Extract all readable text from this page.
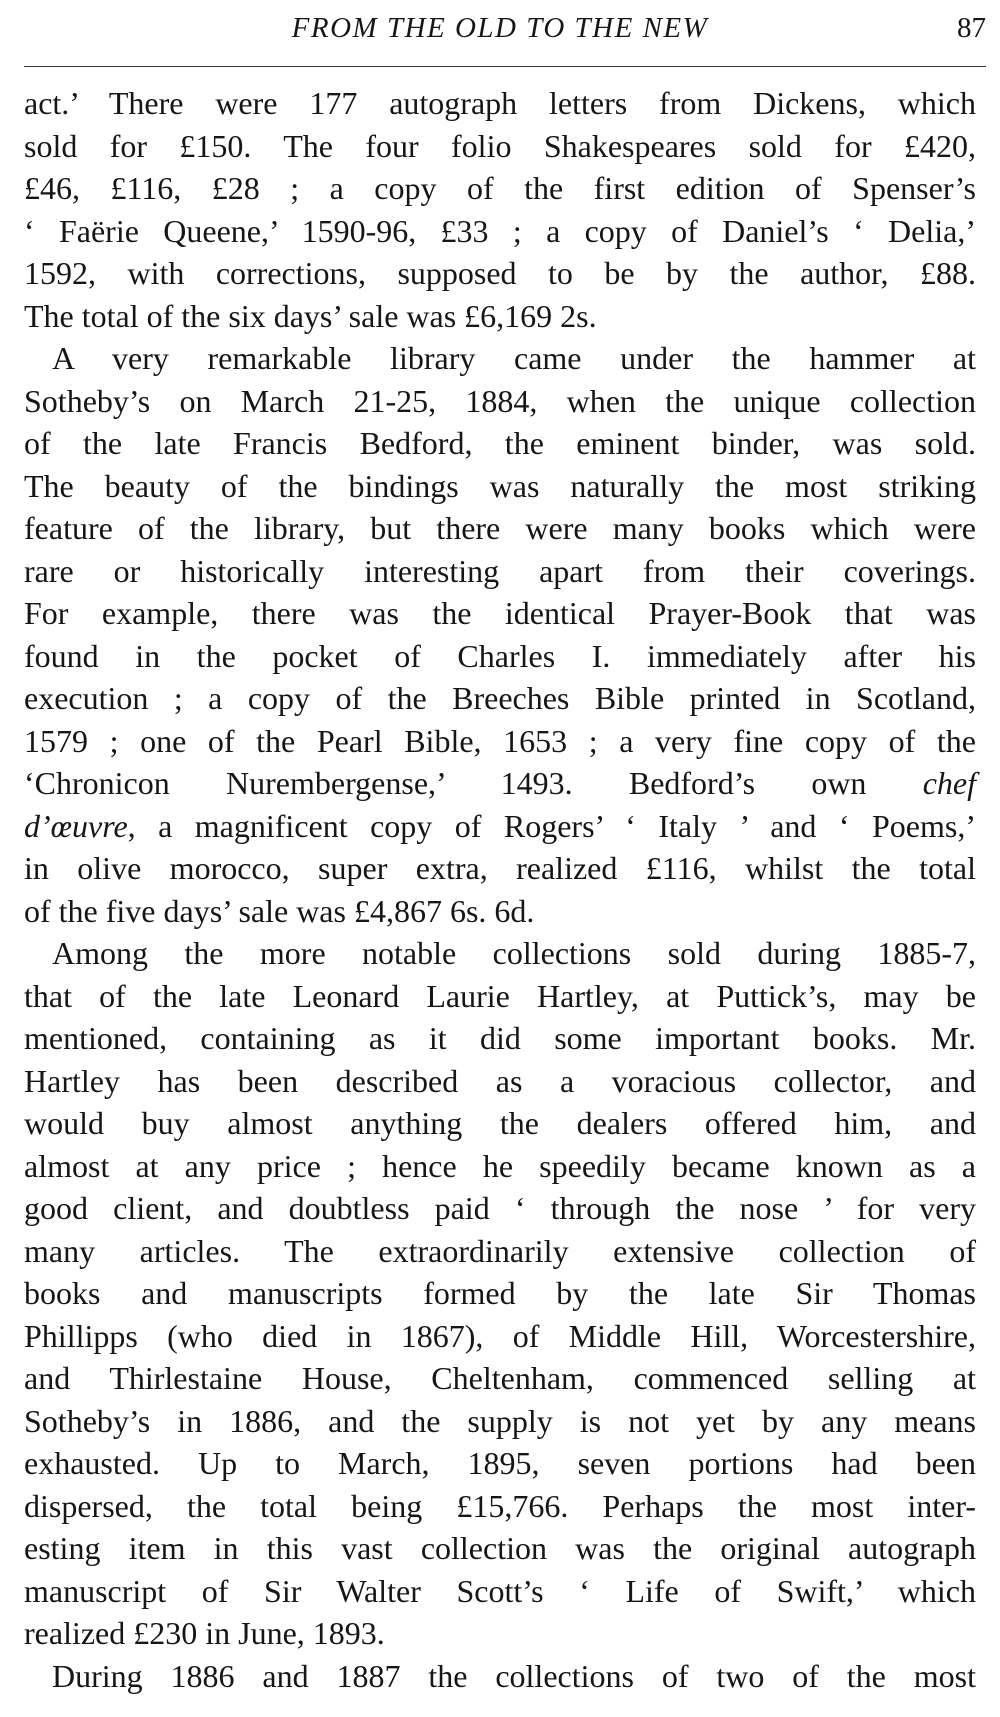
FROM THE OLD TO THE NEW	87
act.’ There were 177 autograph letters from Dickens, which
sold for £150. The four folio Shakespeares sold for £420,
£46, £116, £28 ; a copy of the first edition of Spenser’s
‘ Faërie Queene,’ 1590-96, £33 ; a copy of Daniel’s ‘ Delia,’
1592, with corrections, supposed to be by the author, £88.
The total of the six days’ sale was £6,169 2s.
A very remarkable library came under the hammer at
Sotheby’s on March 21-25, 1884, when the unique collection
of the late Francis Bedford, the eminent binder, was sold.
The beauty of the bindings was naturally the most striking
feature of the library, but there were many books which were
rare or historically interesting apart from their coverings.
For example, there was the identical Prayer-Book that was
found in the pocket of Charles I. immediately after his
execution ; a copy of the Breeches Bible printed in Scotland,
1579 ; one of the Pearl Bible, 1653 ; a very fine copy of the
‘Chronicon Nurembergense,’ 1493. Bedford’s own chef
d’œuvre, a magnificent copy of Rogers’ ‘ Italy ’ and ‘ Poems,’
in olive morocco, super extra, realized £116, whilst the total
of the five days’ sale was £4,867 6s. 6d.
Among the more notable collections sold during 1885-7,
that of the late Leonard Laurie Hartley, at Puttick’s, may be
mentioned, containing as it did some important books. Mr.
Hartley has been described as a voracious collector, and
would buy almost anything the dealers offered him, and
almost at any price ; hence he speedily became known as a
good client, and doubtless paid ‘ through the nose ’ for very
many articles. The extraordinarily extensive collection of
books and manuscripts formed by the late Sir Thomas
Phillipps (who died in 1867), of Middle Hill, Worcestershire,
and Thirlestaine House, Cheltenham, commenced selling at
Sotheby’s in 1886, and the supply is not yet by any means
exhausted. Up to March, 1895, seven portions had been
dispersed, the total being £15,766. Perhaps the most inter-
esting item in this vast collection was the original autograph
manuscript of Sir Walter Scott’s ‘ Life of Swift,’ which
realized £230 in June, 1893.
During 1886 and 1887 the collections of two of the most
